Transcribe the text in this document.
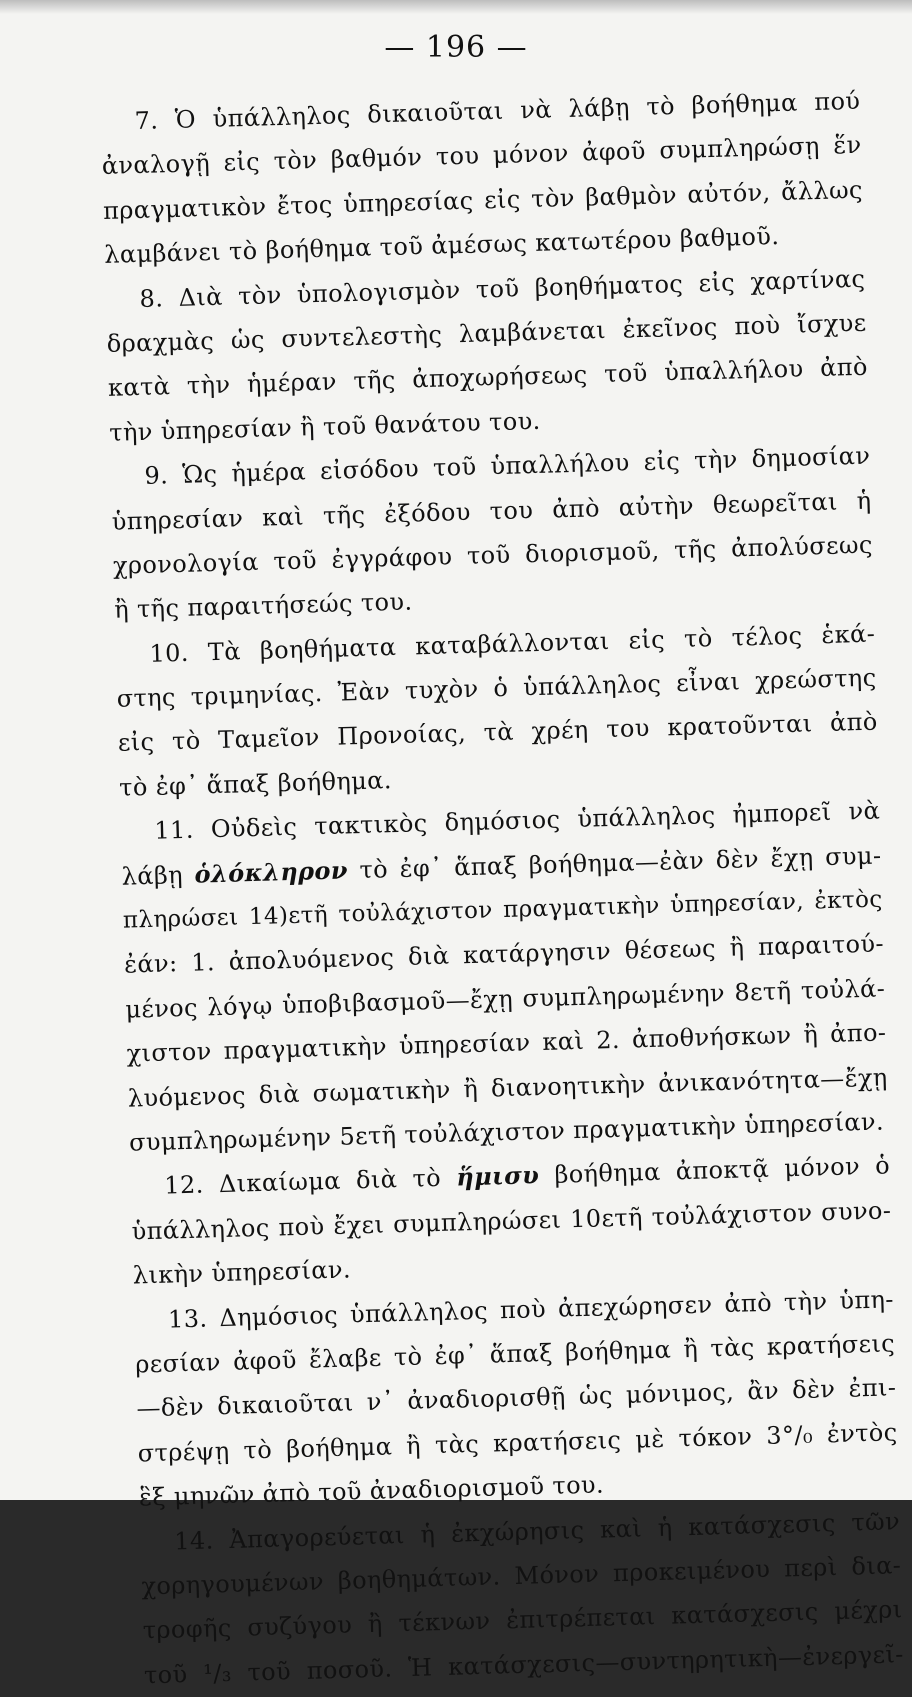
— 196 —
7. Ὁ ὑπάλληλος δικαιοῦται νὰ λάβῃ τὸ βοήθημα πού
ἀναλογῇ εἰς τὸν βαθμόν του μόνον ἀφοῦ συμπληρώσῃ ἕν
πραγματικὸν ἔτος ὑπηρεσίας εἰς τὸν βαθμὸν αὐτόν, ἄλλως
λαμβάνει τὸ βοήθημα τοῦ ἀμέσως κατωτέρου βαθμοῦ.
8. Διὰ τὸν ὑπολογισμὸν τοῦ βοηθήματος εἰς χαρτίνας
δραχμὰς ὡς συντελεστὴς λαμβάνεται ἐκεῖνος ποὺ ἴσχυε
κατὰ τὴν ἡμέραν τῆς ἀποχωρήσεως τοῦ ὑπαλλήλου ἀπὸ
τὴν ὑπηρεσίαν ἢ τοῦ θανάτου του.
9. Ὡς ἡμέρα εἰσόδου τοῦ ὑπαλλήλου εἰς τὴν δημοσίαν
ὑπηρεσίαν καὶ τῆς ἐξόδου του ἀπὸ αὐτὴν θεωρεῖται ἡ
χρονολογία τοῦ ἐγγράφου τοῦ διορισμοῦ, τῆς ἀπολύσεως
ἢ τῆς παραιτήσεώς του.
10. Τὰ βοηθήματα καταβάλλονται εἰς τὸ τέλος ἑκά-
στης τριμηνίας. Ἐὰν τυχὸν ὁ ὑπάλληλος εἶναι χρεώστης
εἰς τὸ Ταμεῖον Προνοίας, τὰ χρέη του κρατοῦνται ἀπὸ
τὸ ἐφ᾽ ἅπαξ βοήθημα.
11. Οὐδεὶς τακτικὸς δημόσιος ὑπάλληλος ἠμπορεῖ νὰ
λάβῃ ὁλόκληρον τὸ ἐφ᾽ ἅπαξ βοήθημα—ἐὰν δὲν ἔχῃ συμ-
πληρώσει 14)ετῆ τοὐλάχιστον πραγματικὴν ὑπηρεσίαν, ἐκτὸς
ἐάν: 1. ἀπολυόμενος διὰ κατάργησιν θέσεως ἢ παραιτού-
μένος λόγῳ ὑποβιβασμοῦ—ἔχῃ συμπληρωμένην 8ετῆ τοὐλά-
χιστον πραγματικὴν ὑπηρεσίαν καὶ 2. ἀποθνήσκων ἢ ἀπο-
λυόμενος διὰ σωματικὴν ἢ διανοητικὴν ἀνικανότητα—ἔχῃ
συμπληρωμένην 5ετῆ τοὐλάχιστον πραγματικὴν ὑπηρεσίαν.
12. Δικαίωμα διὰ τὸ ἥμισυ βοήθημα ἀποκτᾷ μόνον ὁ
ὑπάλληλος ποὺ ἔχει συμπληρώσει 10ετῆ τοὐλάχιστον συνο-
λικὴν ὑπηρεσίαν.
13. Δημόσιος ὑπάλληλος ποὺ ἀπεχώρησεν ἀπὸ τὴν ὑπη-
ρεσίαν ἀφοῦ ἔλαβε τὸ ἐφ᾽ ἅπαξ βοήθημα ἢ τὰς κρατήσεις
—δὲν δικαιοῦται ν᾽ ἀναδιορισθῇ ὡς μόνιμος, ἂν δὲν ἐπι-
στρέψῃ τὸ βοήθημα ἢ τὰς κρατήσεις μὲ τόκον 3°/₀ ἐντὸς
ἓξ μηνῶν ἀπὸ τοῦ ἀναδιορισμοῦ του.
14. Ἀπαγορεύεται ἡ ἐκχώρησις καὶ ἡ κατάσχεσις τῶν
χορηγουμένων βοηθημάτων. Μόνον προκειμένου περὶ δια-
τροφῆς συζύγου ἢ τέκνων ἐπιτρέπεται κατάσχεσις μέχρι
τοῦ ¹/₃ τοῦ ποσοῦ. Ἡ κατάσχεσις—συντηρητικὴ—ἐνεργεῖ-
